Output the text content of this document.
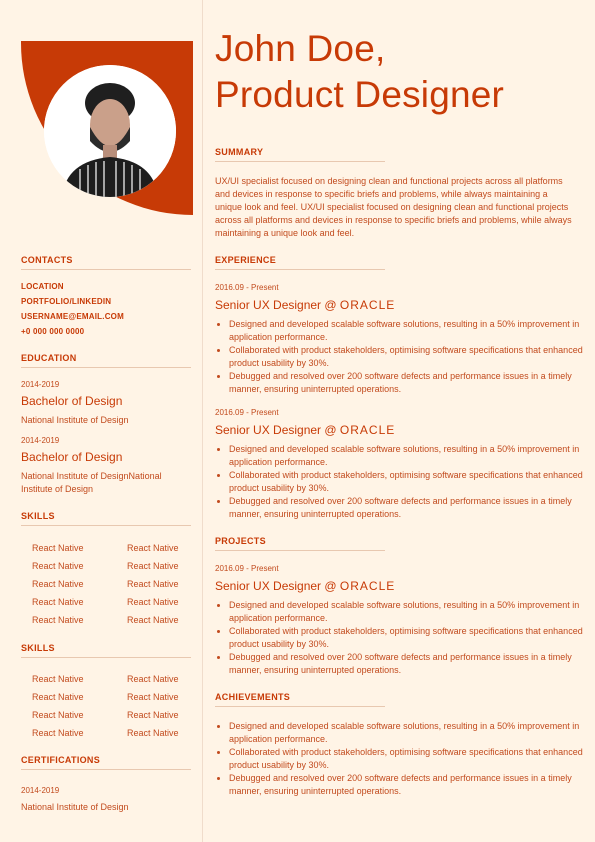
John Doe,
Product Designer
SUMMARY
UX/UI specialist focused on designing clean and functional projects across all platforms and devices in response to specific briefs and problems, while always maintaining a unique look and feel. UX/UI specialist focused on designing clean and functional projects across all platforms and devices in response to specific briefs and problems, while always maintaining a unique look and feel.
CONTACTS
LOCATION
PORTFOLIO/LINKEDIN
USERNAME@EMAIL.COM
+0 000 000 0000
EDUCATION
2014-2019
Bachelor of Design
National Institute of Design
2014-2019
Bachelor of Design
National Institute of DesignNational Institute of Design
SKILLS
React Native	React Native
React Native	React Native
React Native	React Native
React Native	React Native
React Native	React Native
SKILLS
React Native	React Native
React Native	React Native
React Native	React Native
React Native	React Native
CERTIFICATIONS
2014-2019
National Institute of Design
EXPERIENCE
2016.09 - Present
Senior UX Designer @ ORACLE
• Designed and developed scalable software solutions, resulting in a 50% improvement in application performance.
• Collaborated with product stakeholders, optimising software specifications that enhanced product usability by 30%.
• Debugged and resolved over 200 software defects and performance issues in a timely manner, ensuring uninterrupted operations.
2016.09 - Present
Senior UX Designer @ ORACLE
• Designed and developed scalable software solutions, resulting in a 50% improvement in application performance.
• Collaborated with product stakeholders, optimising software specifications that enhanced product usability by 30%.
• Debugged and resolved over 200 software defects and performance issues in a timely manner, ensuring uninterrupted operations.
PROJECTS
2016.09 - Present
Senior UX Designer @ ORACLE
• Designed and developed scalable software solutions, resulting in a 50% improvement in application performance.
• Collaborated with product stakeholders, optimising software specifications that enhanced product usability by 30%.
• Debugged and resolved over 200 software defects and performance issues in a timely manner, ensuring uninterrupted operations.
ACHIEVEMENTS
• Designed and developed scalable software solutions, resulting in a 50% improvement in application performance.
• Collaborated with product stakeholders, optimising software specifications that enhanced product usability by 30%.
• Debugged and resolved over 200 software defects and performance issues in a timely manner, ensuring uninterrupted operations.
